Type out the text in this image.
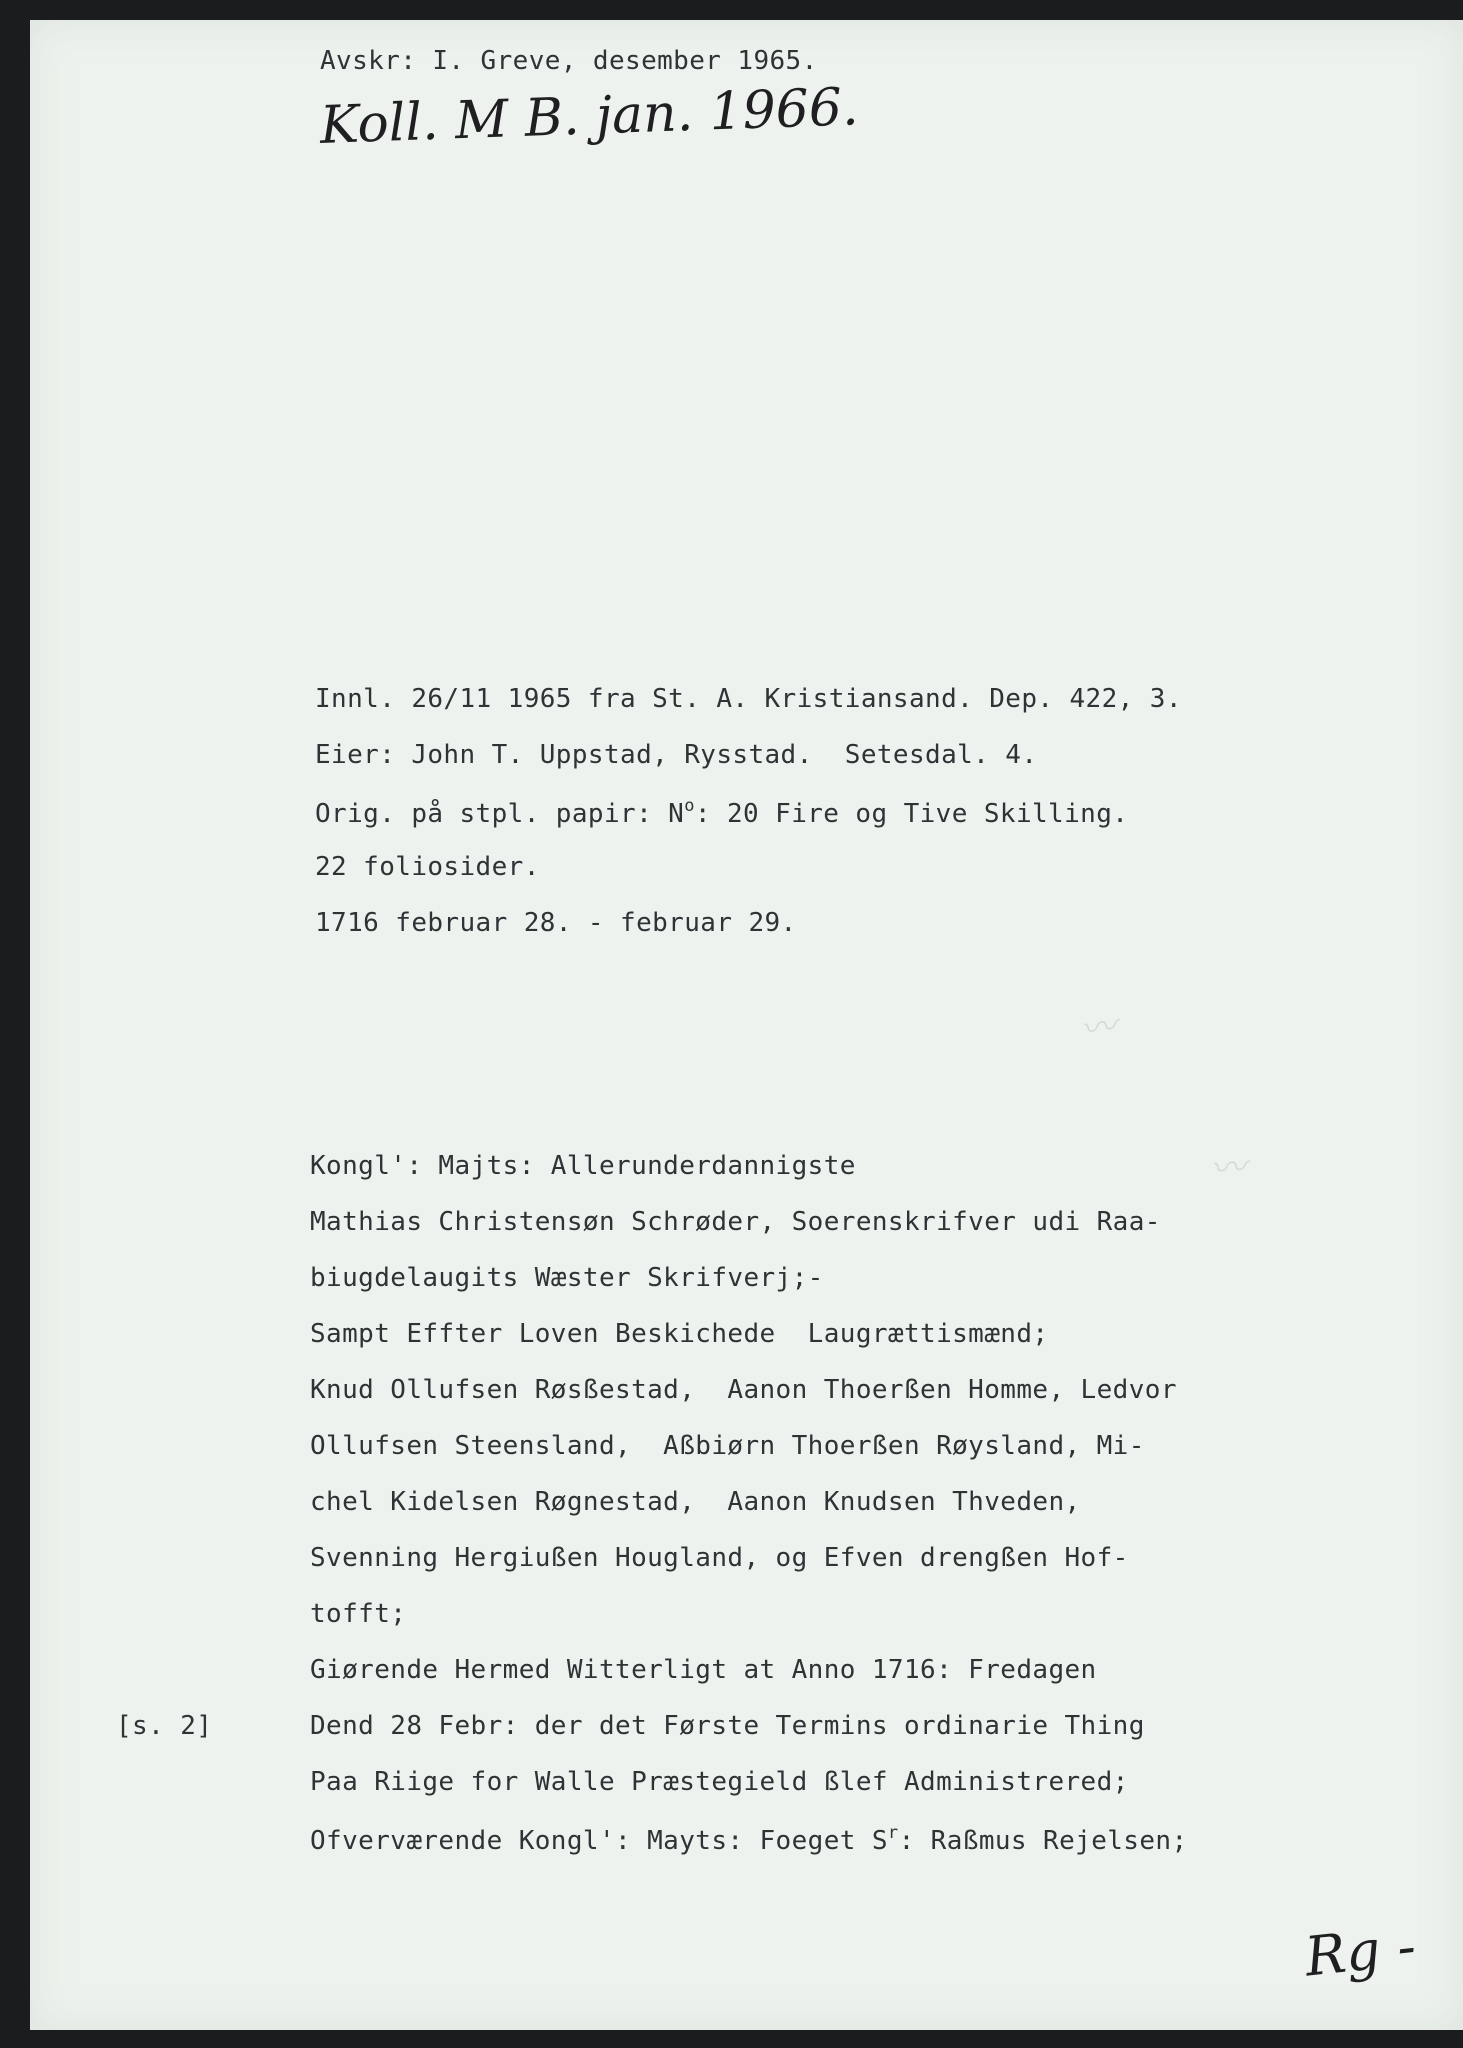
〰︎
〰︎
Avskr: I. Greve, desember 1965.
Koll. M B. jan. 1966.
Innl. 26/11 1965 fra St. A. Kristiansand. Dep. 422, 3.
Eier: John T. Uppstad, Rysstad.  Setesdal. 4.
Orig. på stpl. papir: $N^o$: 20 Fire og Tive Skilling.
22 foliosider.
1716 februar 28. - februar 29.
Kongl': Majts: Allerunderdannigste
Mathias Christensøn Schrøder, Soerenskrifver udi Raa-
biugdelaugits Wæster Skrifverj;-
Sampt Effter Loven Beskichede  Laugrættismænd;
Knud Ollufsen Røsßestad,  Aanon Thoerßen Homme, Ledvor
Ollufsen Steensland,  Aßbiørn Thoerßen Røysland, Mi-
chel Kidelsen Røgnestad,  Aanon Knudsen Thveden,
Svenning Hergiußen Hougland, og Efven drengßen Hof-
tofft;
Giørende Hermed Witterligt at Anno 1716: Fredagen
Dend 28 Febr: der det Første Termins ordinarie Thing
Paa Riige for Walle Præstegield ßlef Administrered;
Ofverværende Kongl': Mayts: Foeget $S^r$: Raßmus Rejelsen;
[s. 2]
Rg -
